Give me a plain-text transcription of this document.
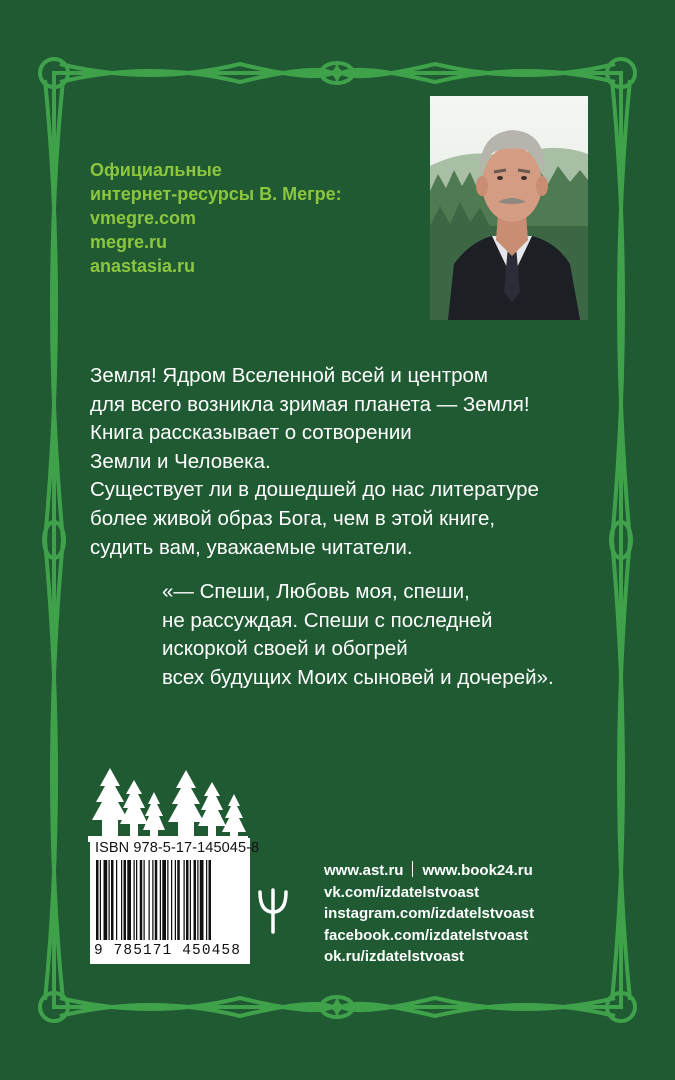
Официальные
интернет-ресурсы В. Мегре:
vmegre.com
megre.ru
anastasia.ru
Земля! Ядром Вселенной всей и центром
для всего возникла зримая планета — Земля!
Книга рассказывает о сотворении
Земли и Человека.
Существует ли в дошедшей до нас литературе
более живой образ Бога, чем в этой книге,
судить вам, уважаемые читатели.
«— Спеши, Любовь моя, спеши,
не рассуждая. Спеши с последней
искоркой своей и обогрей
всех будущих Моих сыновей и дочерей».
ISBN 978-5-17-145045-8
9 785171 450458
www.ast.ru www.book24.ru
vk.com/izdatelstvoast
instagram.com/izdatelstvoast
facebook.com/izdatelstvoast
ok.ru/izdatelstvoast
